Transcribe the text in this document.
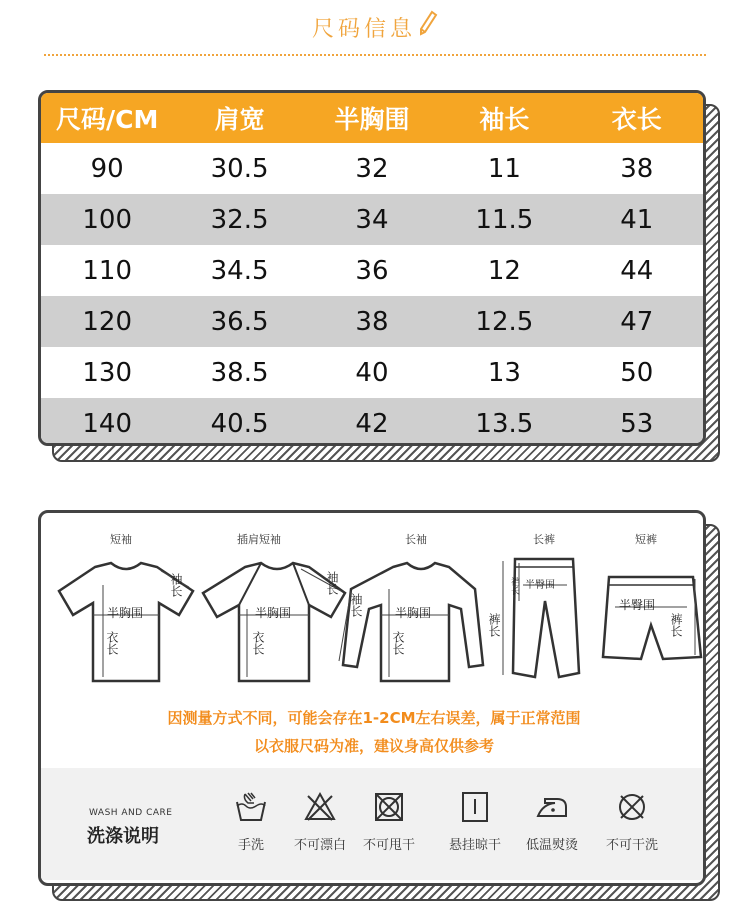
尺码信息
尺码/CM	肩宽	半胸围	袖长	衣长
90	30.5	32	11	38
100	32.5	34	11.5	41
110	34.5	36	12	44
120	36.5	38	12.5	47
130	38.5	40	13	50
140	40.5	42	13.5	53
短袖
袖长
半胸围
衣长
插肩短袖
袖长
半胸围
衣长
长袖
袖长	半胸围
衣长
长裤
裆长 半臀围
裤长
短裤
半臀围
裤长
因测量方式不同，可能会存在1-2CM左右误差，属于正常范围
以衣服尺码为准，建议身高仅供参考
WASH AND CARE
洗涤说明	手洗	不可漂白	不可甩干	悬挂晾干	低温熨烫	不可干洗
